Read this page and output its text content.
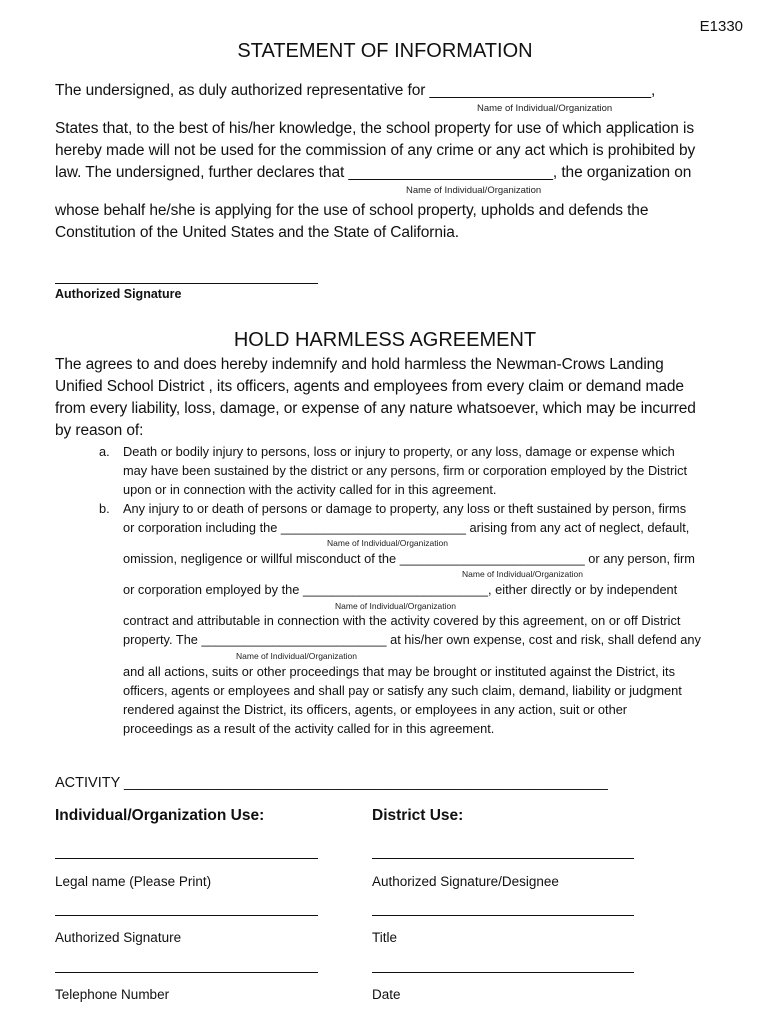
E1330
STATEMENT OF INFORMATION
The undersigned, as duly authorized representative for __________________________,
Name of Individual/Organization
States that, to the best of his/her knowledge, the school property for use of which application is
hereby made will not be used for the commission of any crime or any act which is prohibited by
law. The undersigned, further declares that ________________________, the organization on
Name of Individual/Organization
whose behalf he/she is applying for the use of school property, upholds and defends the
Constitution of the United States and the State of California.
Authorized Signature
HOLD HARMLESS AGREEMENT
The agrees to and does hereby indemnify and hold harmless the Newman-Crows Landing
Unified School District , its officers, agents and employees from every claim or demand made
from every liability, loss, damage, or expense of any nature whatsoever, which may be incurred
by reason of:
a. Death or bodily injury to persons, loss or injury to property, or any loss, damage or expense which
may have been sustained by the district or any persons, firm or corporation employed by the District
upon or in connection with the activity called for in this agreement.
b. Any injury to or death of persons or damage to property, any loss or theft sustained by person, firms
or corporation including the __________________________ arising from any act of neglect, default,
Name of Individual/Organization
omission, negligence or willful misconduct of the __________________________ or any person, firm
Name of Individual/Organization
or corporation employed by the __________________________, either directly or by independent
Name of Individual/Organization
contract and attributable in connection with the activity covered by this agreement, on or off District
property. The __________________________ at his/her own expense, cost and risk, shall defend any
Name of Individual/Organization
and all actions, suits or other proceedings that may be brought or instituted against the District, its
officers, agents or employees and shall pay or satisfy any such claim, demand, liability or judgment
rendered against the District, its officers, agents, or employees in any action, suit or other
proceedings as a result of the activity called for in this agreement.
ACTIVITY ____________________________________________________________
Individual/Organization Use:
Legal name (Please Print)
Authorized Signature
Telephone Number
District Use:
Authorized Signature/Designee
Title
Date
